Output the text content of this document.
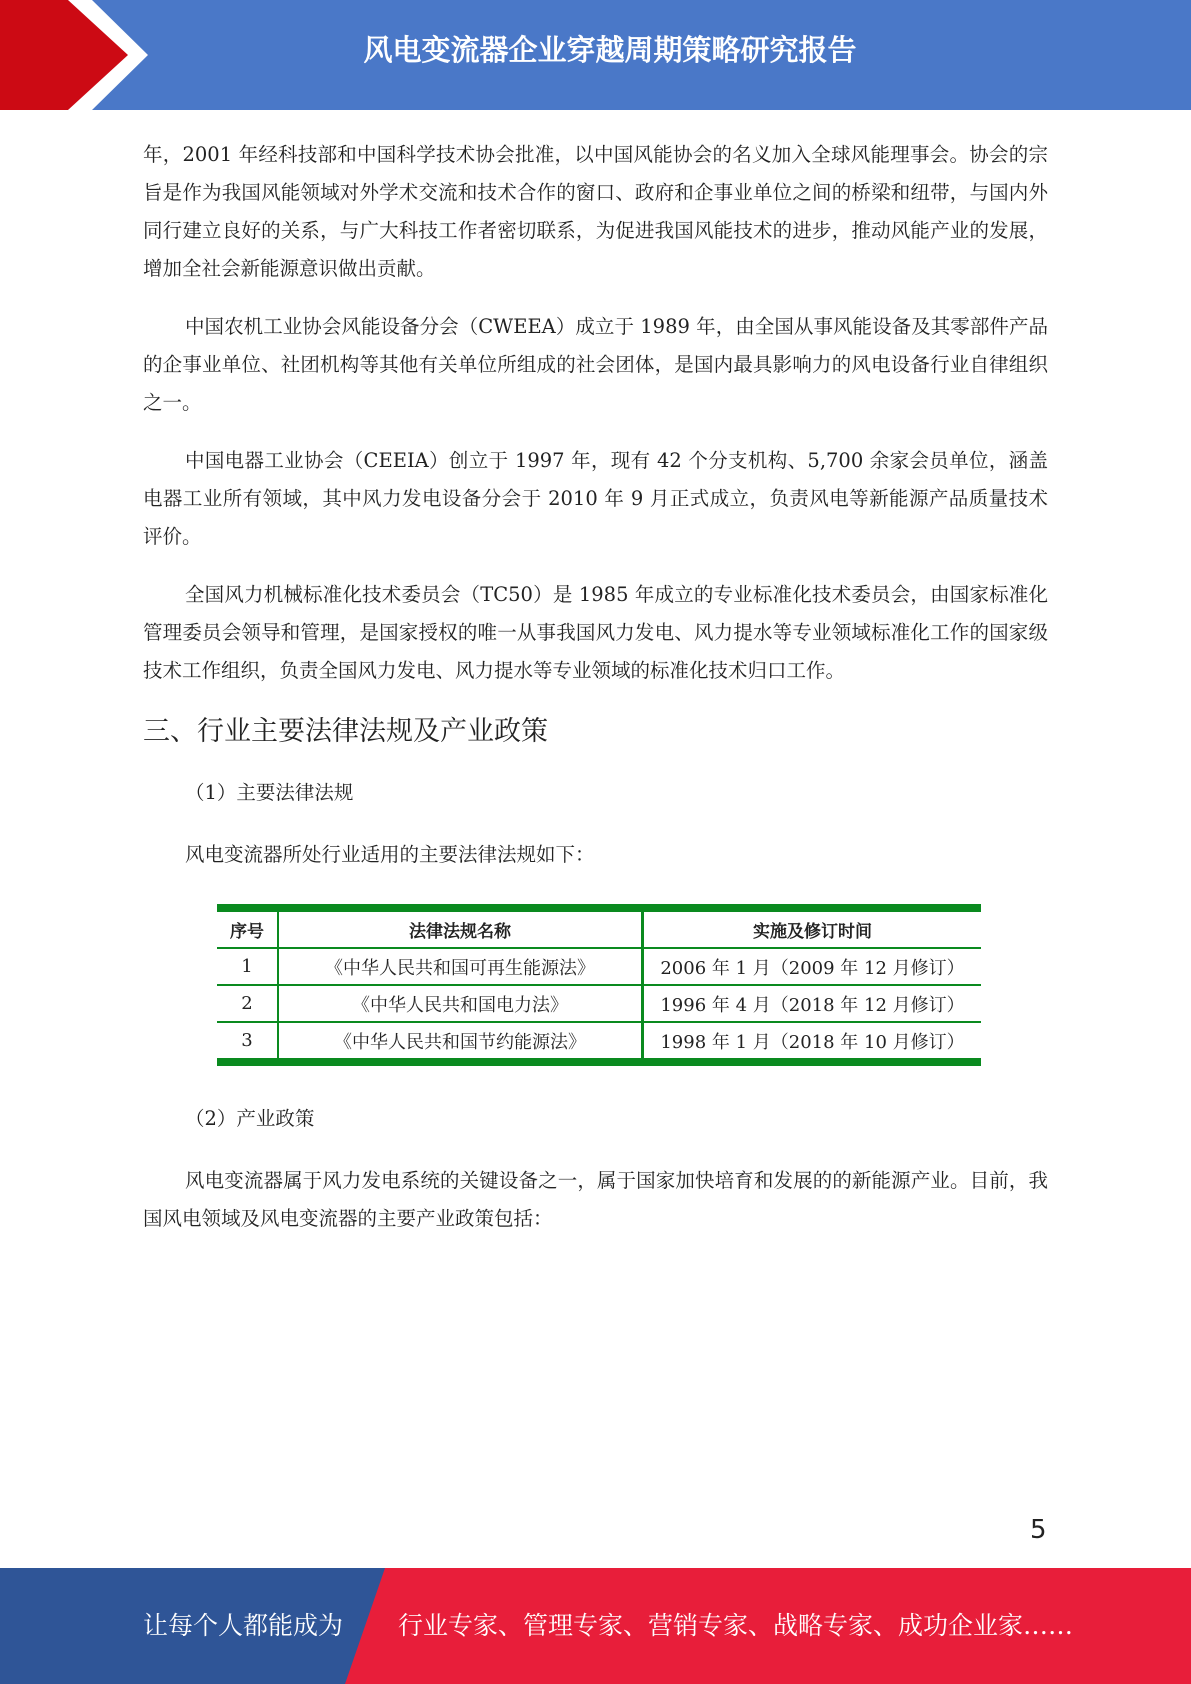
风电变流器企业穿越周期策略研究报告

年，2001 年经科技部和中国科学技术协会批准，以中国风能协会的名义加入全球风能理事会。协会的宗旨是作为我国风能领域对外学术交流和技术合作的窗口、政府和企事业单位之间的桥梁和纽带，与国内外同行建立良好的关系，与广大科技工作者密切联系，为促进我国风能技术的进步，推动风能产业的发展，增加全社会新能源意识做出贡献。

中国农机工业协会风能设备分会（CWEEA）成立于 1989 年，由全国从事风能设备及其零部件产品的企事业单位、社团机构等其他有关单位所组成的社会团体，是国内最具影响力的风电设备行业自律组织之一。

中国电器工业协会（CEEIA）创立于 1997 年，现有 42 个分支机构、5,700 余家会员单位，涵盖电器工业所有领域，其中风力发电设备分会于 2010 年 9 月正式成立，负责风电等新能源产品质量技术评价。

全国风力机械标准化技术委员会（TC50）是 1985 年成立的专业标准化技术委员会，由国家标准化管理委员会领导和管理，是国家授权的唯一从事我国风力发电、风力提水等专业领域标准化工作的国家级技术工作组织，负责全国风力发电、风力提水等专业领域的标准化技术归口工作。

三、行业主要法律法规及产业政策
（1）主要法律法规
风电变流器所处行业适用的主要法律法规如下：
序号	法律法规名称	实施及修订时间
1	《中华人民共和国可再生能源法》	2006 年 1 月（2009 年 12 月修订）
2	《中华人民共和国电力法》	1996 年 4 月（2018 年 12 月修订）
3	《中华人民共和国节约能源法》	1998 年 1 月（2018 年 10 月修订）
（2）产业政策

风电变流器属于风力发电系统的关键设备之一，属于国家加快培育和发展的的新能源产业。目前，我国风电领域及风电变流器的主要产业政策包括：

5
让每个人都能成为 行业专家、管理专家、营销专家、战略专家、成功企业家……
